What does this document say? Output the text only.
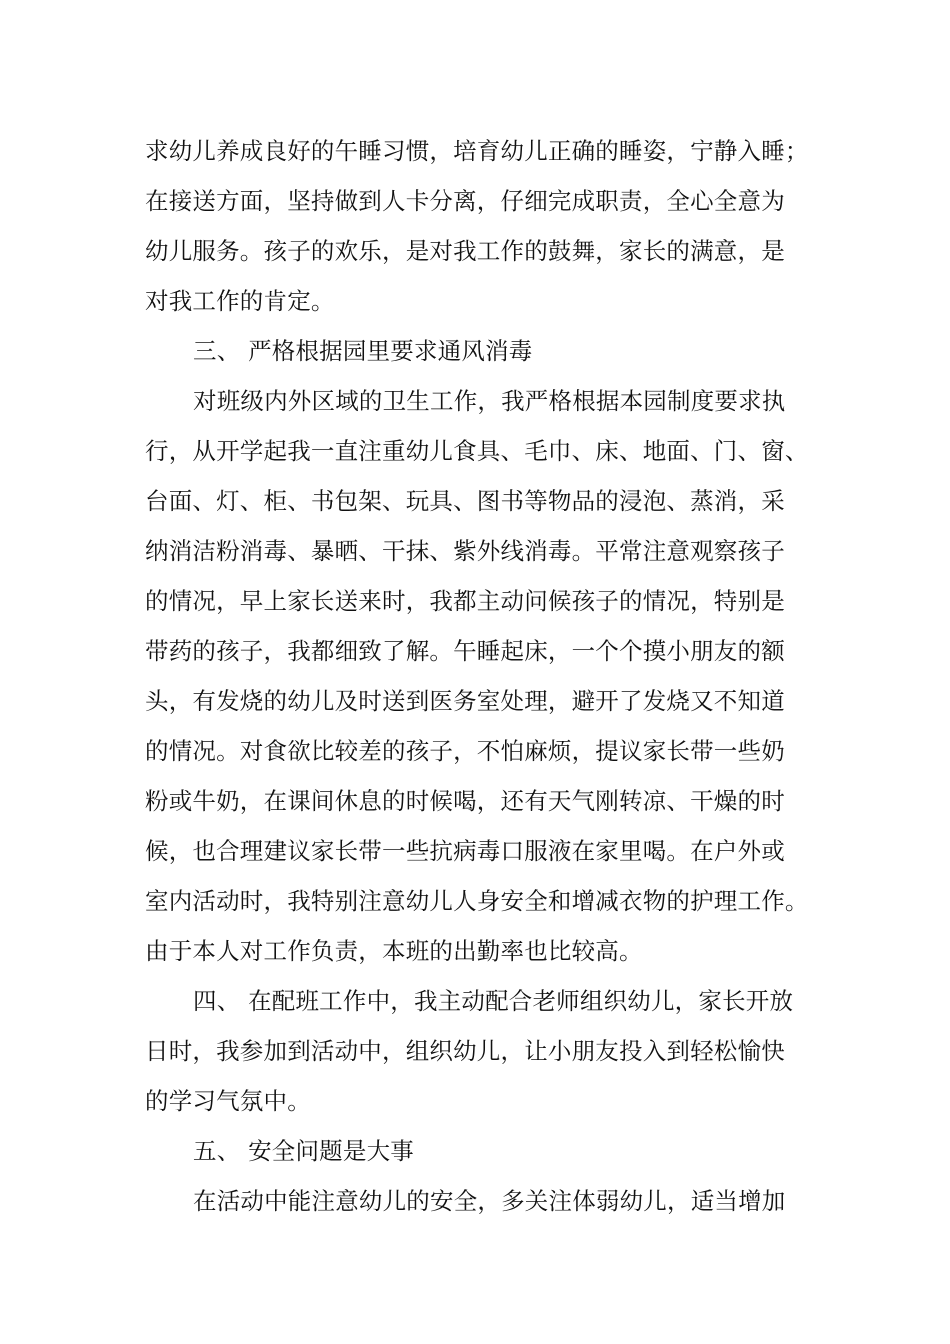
求幼儿养成良好的午睡习惯，培育幼儿正确的睡姿，宁静入睡；
在接送方面，坚持做到人卡分离，仔细完成职责，全心全意为
幼儿服务。孩子的欢乐，是对我工作的鼓舞，家长的满意，是
对我工作的肯定。
三、 严格根据园里要求通风消毒
对班级内外区域的卫生工作，我严格根据本园制度要求执
行，从开学起我一直注重幼儿食具、毛巾、床、地面、门、窗、
台面、灯、柜、书包架、玩具、图书等物品的浸泡、蒸消，采
纳消洁粉消毒、暴晒、干抹、紫外线消毒。平常注意观察孩子
的情况，早上家长送来时，我都主动问候孩子的情况，特别是
带药的孩子，我都细致了解。午睡起床，一个个摸小朋友的额
头，有发烧的幼儿及时送到医务室处理，避开了发烧又不知道
的情况。对食欲比较差的孩子，不怕麻烦，提议家长带一些奶
粉或牛奶，在课间休息的时候喝，还有天气刚转凉、干燥的时
候，也合理建议家长带一些抗病毒口服液在家里喝。在户外或
室内活动时，我特别注意幼儿人身安全和增减衣物的护理工作。
由于本人对工作负责，本班的出勤率也比较高。
四、 在配班工作中，我主动配合老师组织幼儿，家长开放
日时，我参加到活动中，组织幼儿，让小朋友投入到轻松愉快
的学习气氛中。
五、 安全问题是大事
在活动中能注意幼儿的安全，多关注体弱幼儿，适当增加
